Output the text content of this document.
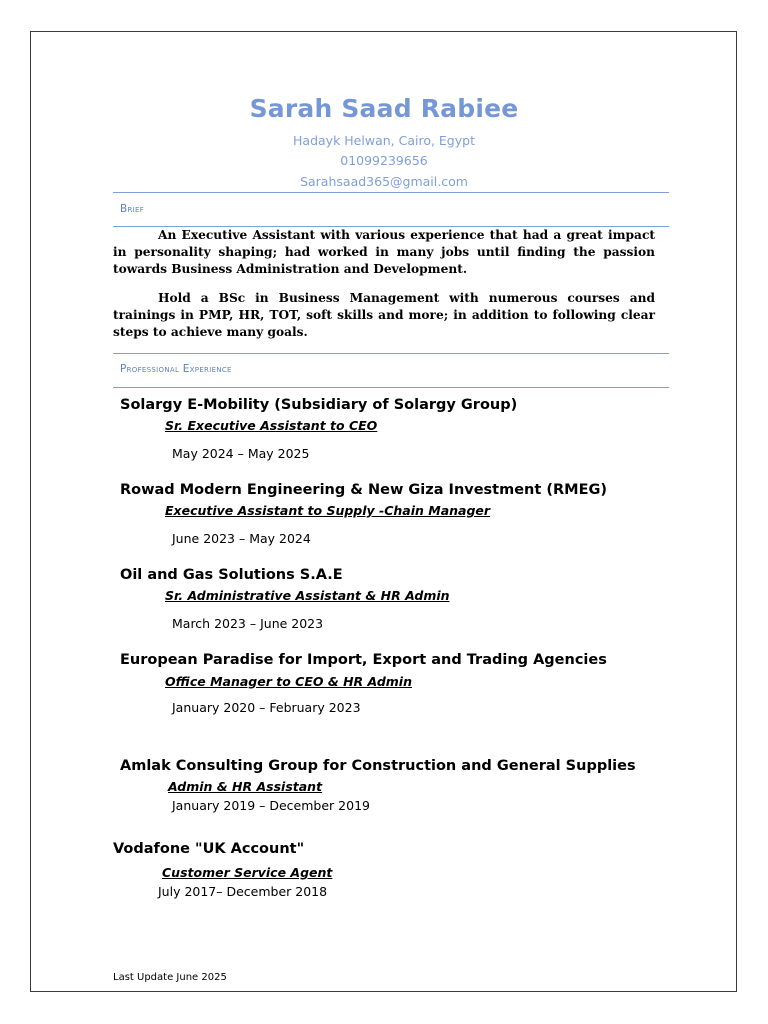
Sarah Saad Rabiee
Hadayk Helwan, Cairo, Egypt
01099239656
Sarahsaad365@gmail.com
Brief
An Executive Assistant with various experience that had a great impact in personality shaping; had worked in many jobs until finding the passion towards Business Administration and Development.
Hold a BSc in Business Management with numerous courses and trainings in PMP, HR, TOT, soft skills and more; in addition to following clear steps to achieve many goals.
Professional Experience
Solargy E-Mobility (Subsidiary of Solargy Group)
Sr. Executive Assistant to CEO
May 2024 – May 2025
Rowad Modern Engineering & New Giza Investment (RMEG)
Executive Assistant to Supply -Chain Manager
June 2023 – May 2024
Oil and Gas Solutions S.A.E
Sr. Administrative Assistant & HR Admin
March 2023 – June 2023
European Paradise for Import, Export and Trading Agencies
Office Manager to CEO & HR Admin
January 2020 – February 2023
Amlak Consulting Group for Construction and General Supplies
Admin & HR Assistant
January 2019 – December 2019
Vodafone "UK Account"
Customer Service Agent
July 2017– December 2018
Last Update June 2025
